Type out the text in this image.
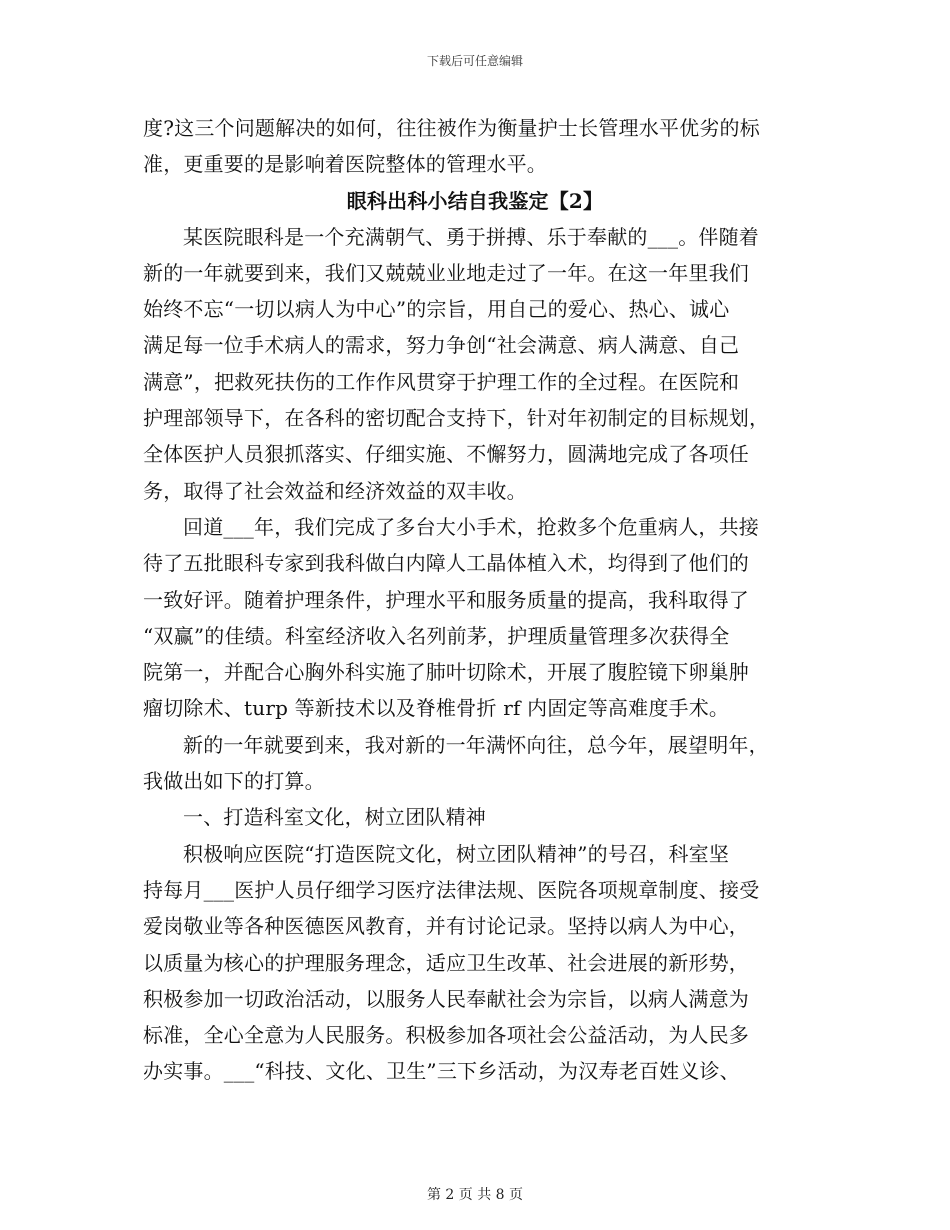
下载后可任意编辑
度?这三个问题解决的如何，往往被作为衡量护士长管理水平优劣的标
准，更重要的是影响着医院整体的管理水平。
眼科出科小结自我鉴定【2】
某医院眼科是一个充满朝气、勇于拼搏、乐于奉献的___。伴随着
新的一年就要到来，我们又兢兢业业地走过了一年。在这一年里我们
始终不忘“一切以病人为中心”的宗旨，用自己的爱心、热心、诚心
满足每一位手术病人的需求，努力争创“社会满意、病人满意、自己
满意”，把救死扶伤的工作作风贯穿于护理工作的全过程。在医院和
护理部领导下，在各科的密切配合支持下，针对年初制定的目标规划，
全体医护人员狠抓落实、仔细实施、不懈努力，圆满地完成了各项任
务，取得了社会效益和经济效益的双丰收。
回道___年，我们完成了多台大小手术，抢救多个危重病人，共接
待了五批眼科专家到我科做白内障人工晶体植入术，均得到了他们的
一致好评。随着护理条件，护理水平和服务质量的提高，我科取得了
“双赢”的佳绩。科室经济收入名列前茅，护理质量管理多次获得全
院第一，并配合心胸外科实施了肺叶切除术，开展了腹腔镜下卵巢肿
瘤切除术、turp 等新技术以及脊椎骨折 rf 内固定等高难度手术。
新的一年就要到来，我对新的一年满怀向往，总今年，展望明年，
我做出如下的打算。
一、打造科室文化，树立团队精神
积极响应医院“打造医院文化，树立团队精神”的号召，科室坚
持每月___医护人员仔细学习医疗法律法规、医院各项规章制度、接受
爱岗敬业等各种医德医风教育，并有讨论记录。坚持以病人为中心，
以质量为核心的护理服务理念，适应卫生改革、社会进展的新形势，
积极参加一切政治活动，以服务人民奉献社会为宗旨，以病人满意为
标准，全心全意为人民服务。积极参加各项社会公益活动，为人民多
办实事。___“科技、文化、卫生”三下乡活动，为汉寿老百姓义诊、
第 2 页 共 8 页
